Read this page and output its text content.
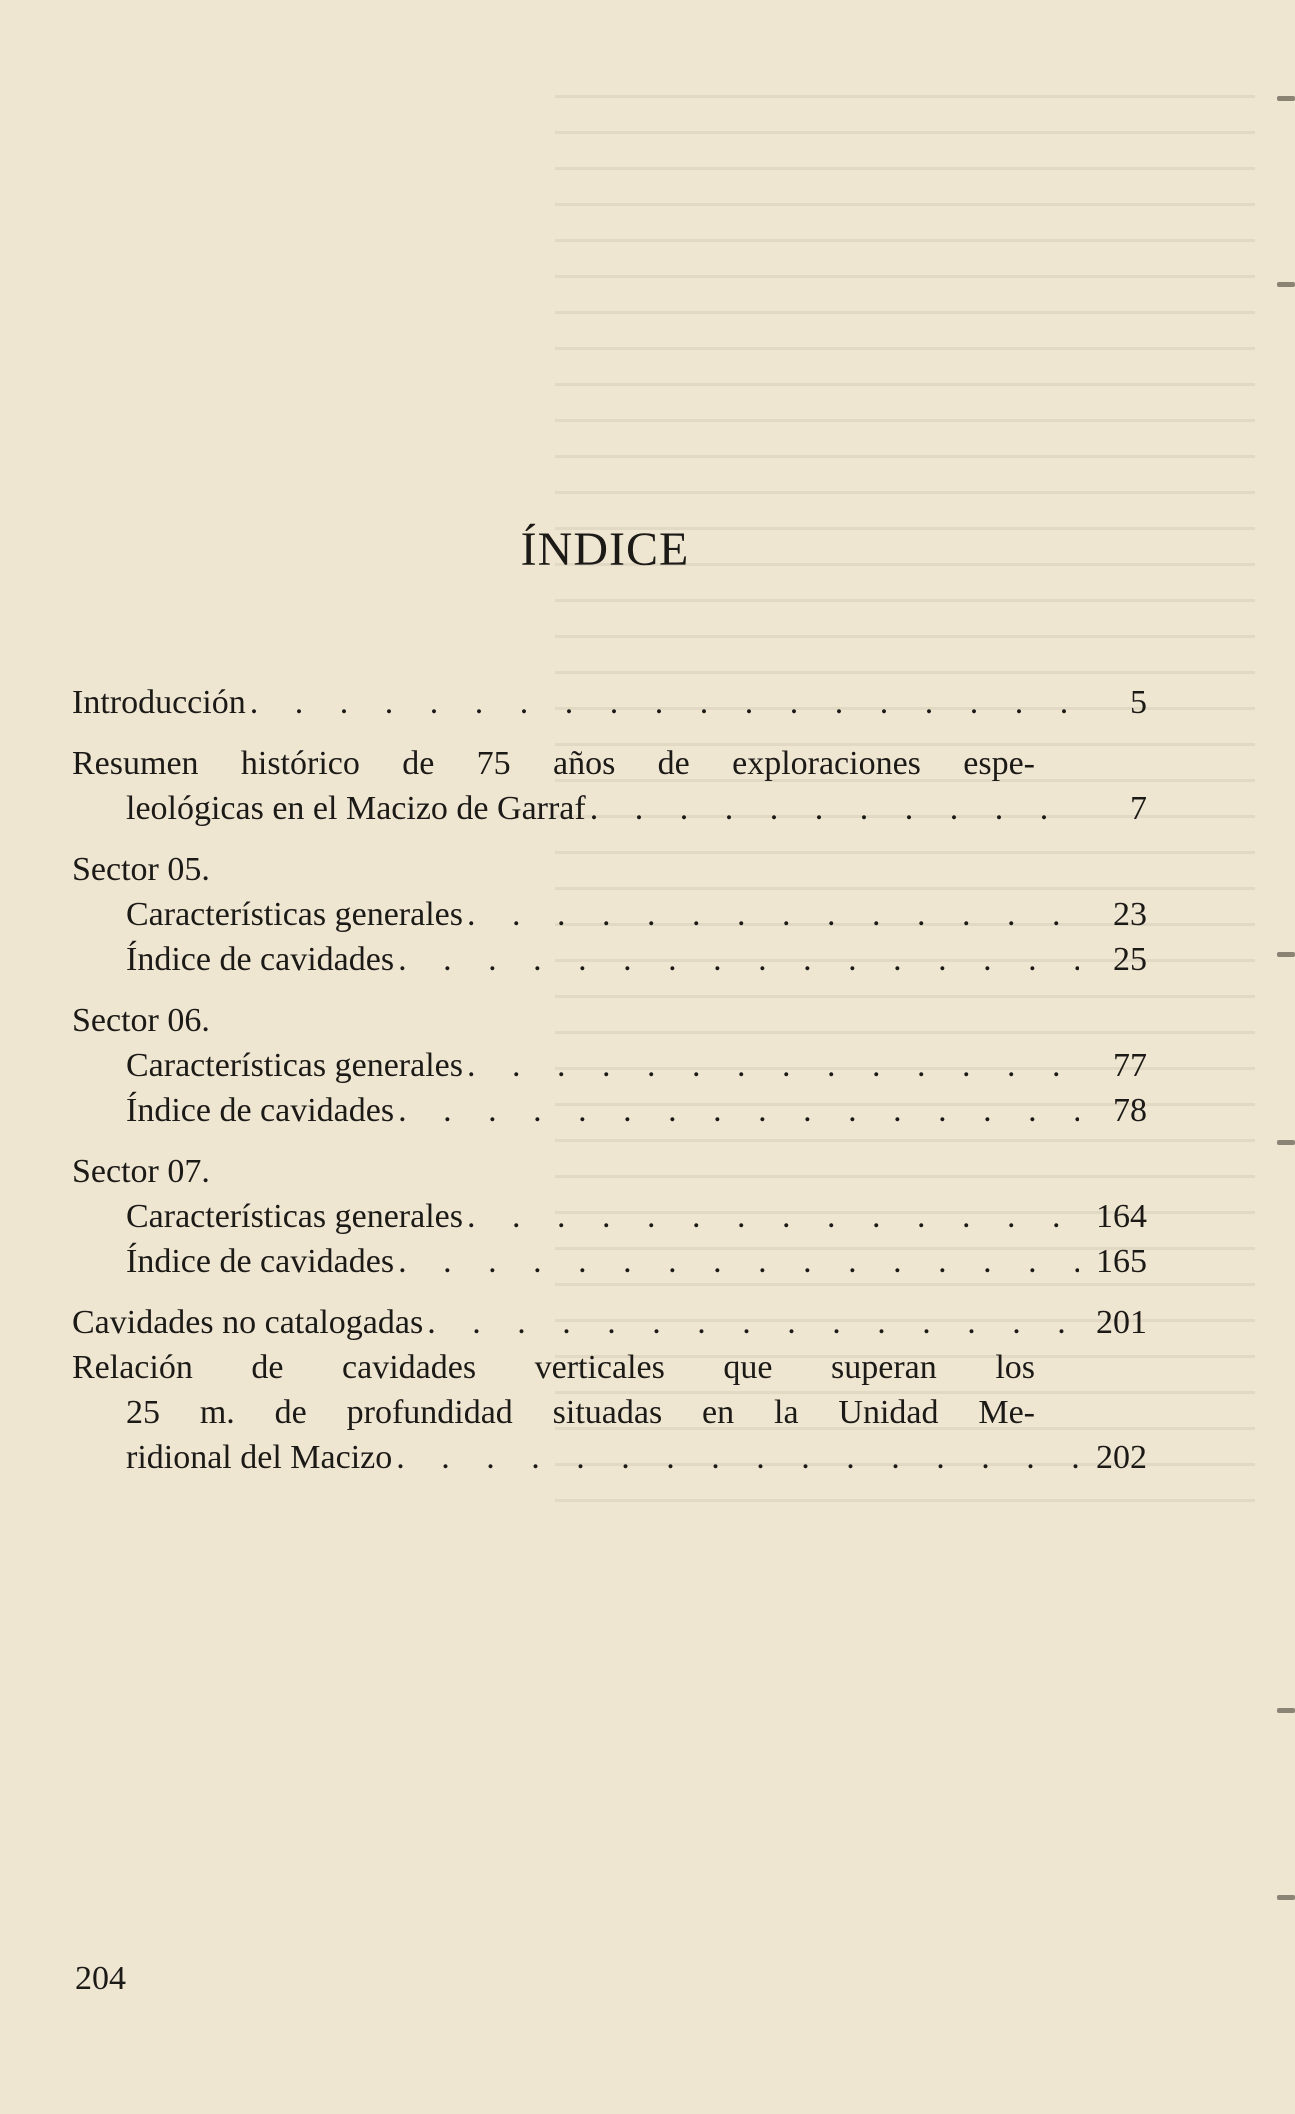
ÍNDICE
Introducción . . .	5
Resumen histórico de 75 años de exploraciones espe-
leológicas en el Macizo de Garraf . . .	7
Sector 05.
Características generales . . .	23
Índice de cavidades . . .	25
Sector 06.
Características generales . . .	77
Índice de cavidades . . .	78
Sector 07.
Características generales . . .	164
Índice de cavidades . . .	165
Cavidades no catalogadas . . .	201
Relación de cavidades verticales que superan los
25 m. de profundidad situadas en la Unidad Me-
ridional del Macizo . . .	202
204
